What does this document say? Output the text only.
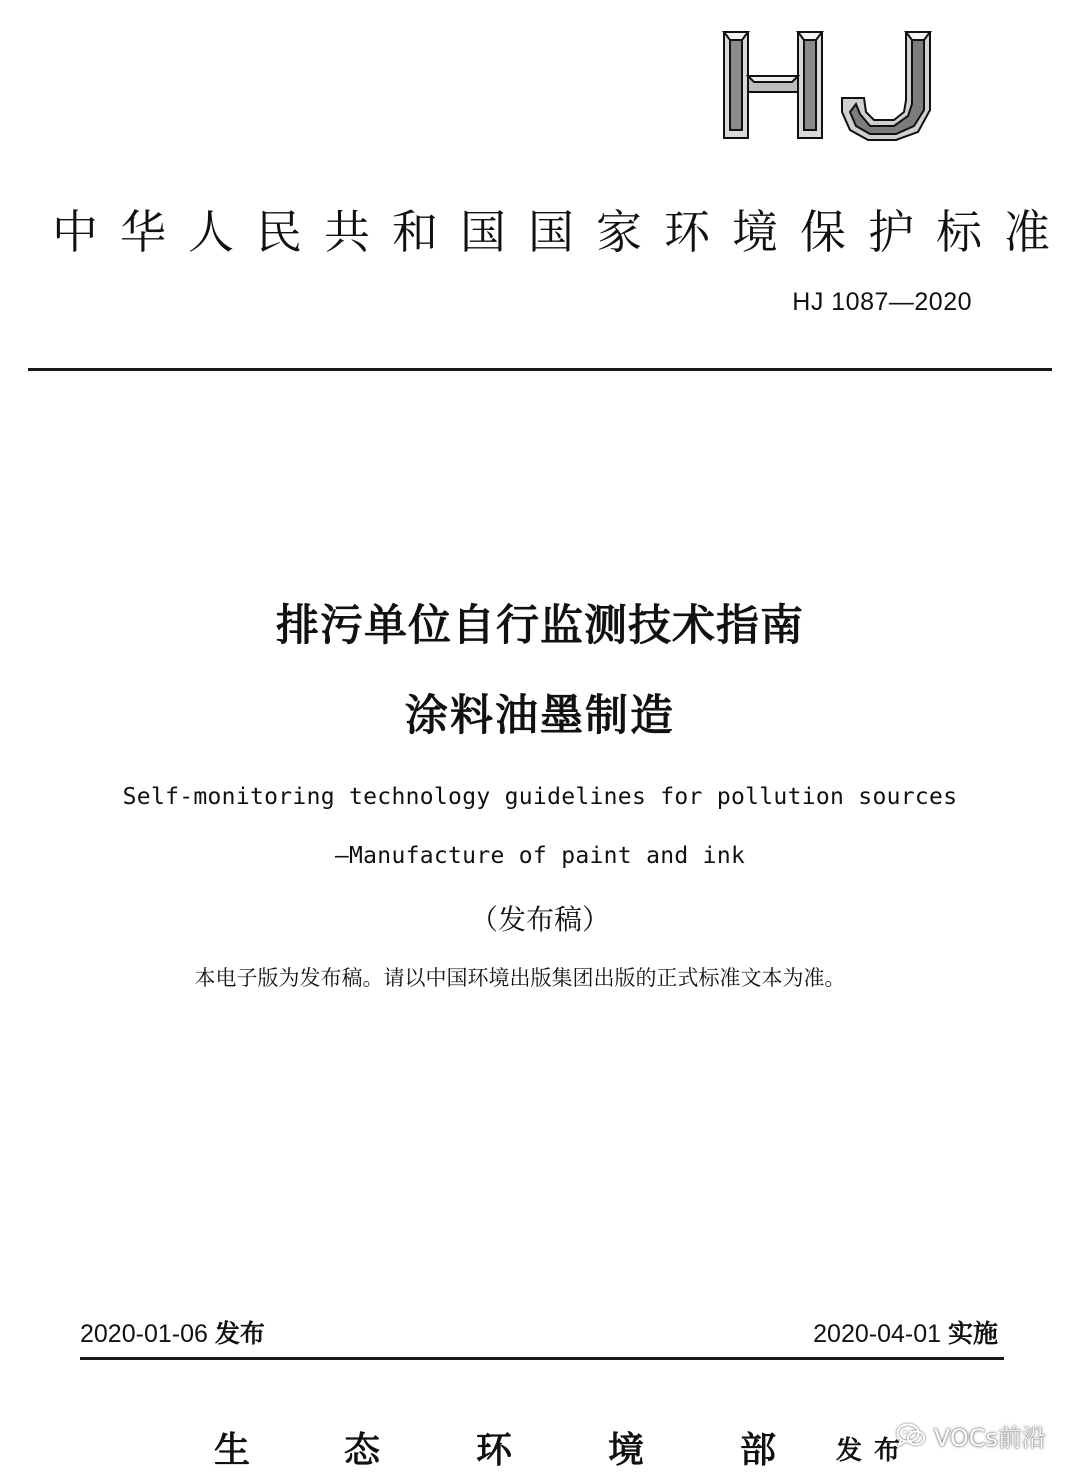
中华人民共和国国家环境保护标准
HJ 1087—2020
排污单位自行监测技术指南
涂料油墨制造
Self-monitoring technology guidelines for pollution sources
—Manufacture of paint and ink
（发布稿）
本电子版为发布稿。请以中国环境出版集团出版的正式标准文本为准。
2020-01-06 发布	2020-04-01 实施
生	态	环	境	部 发布 VOCs前沿
